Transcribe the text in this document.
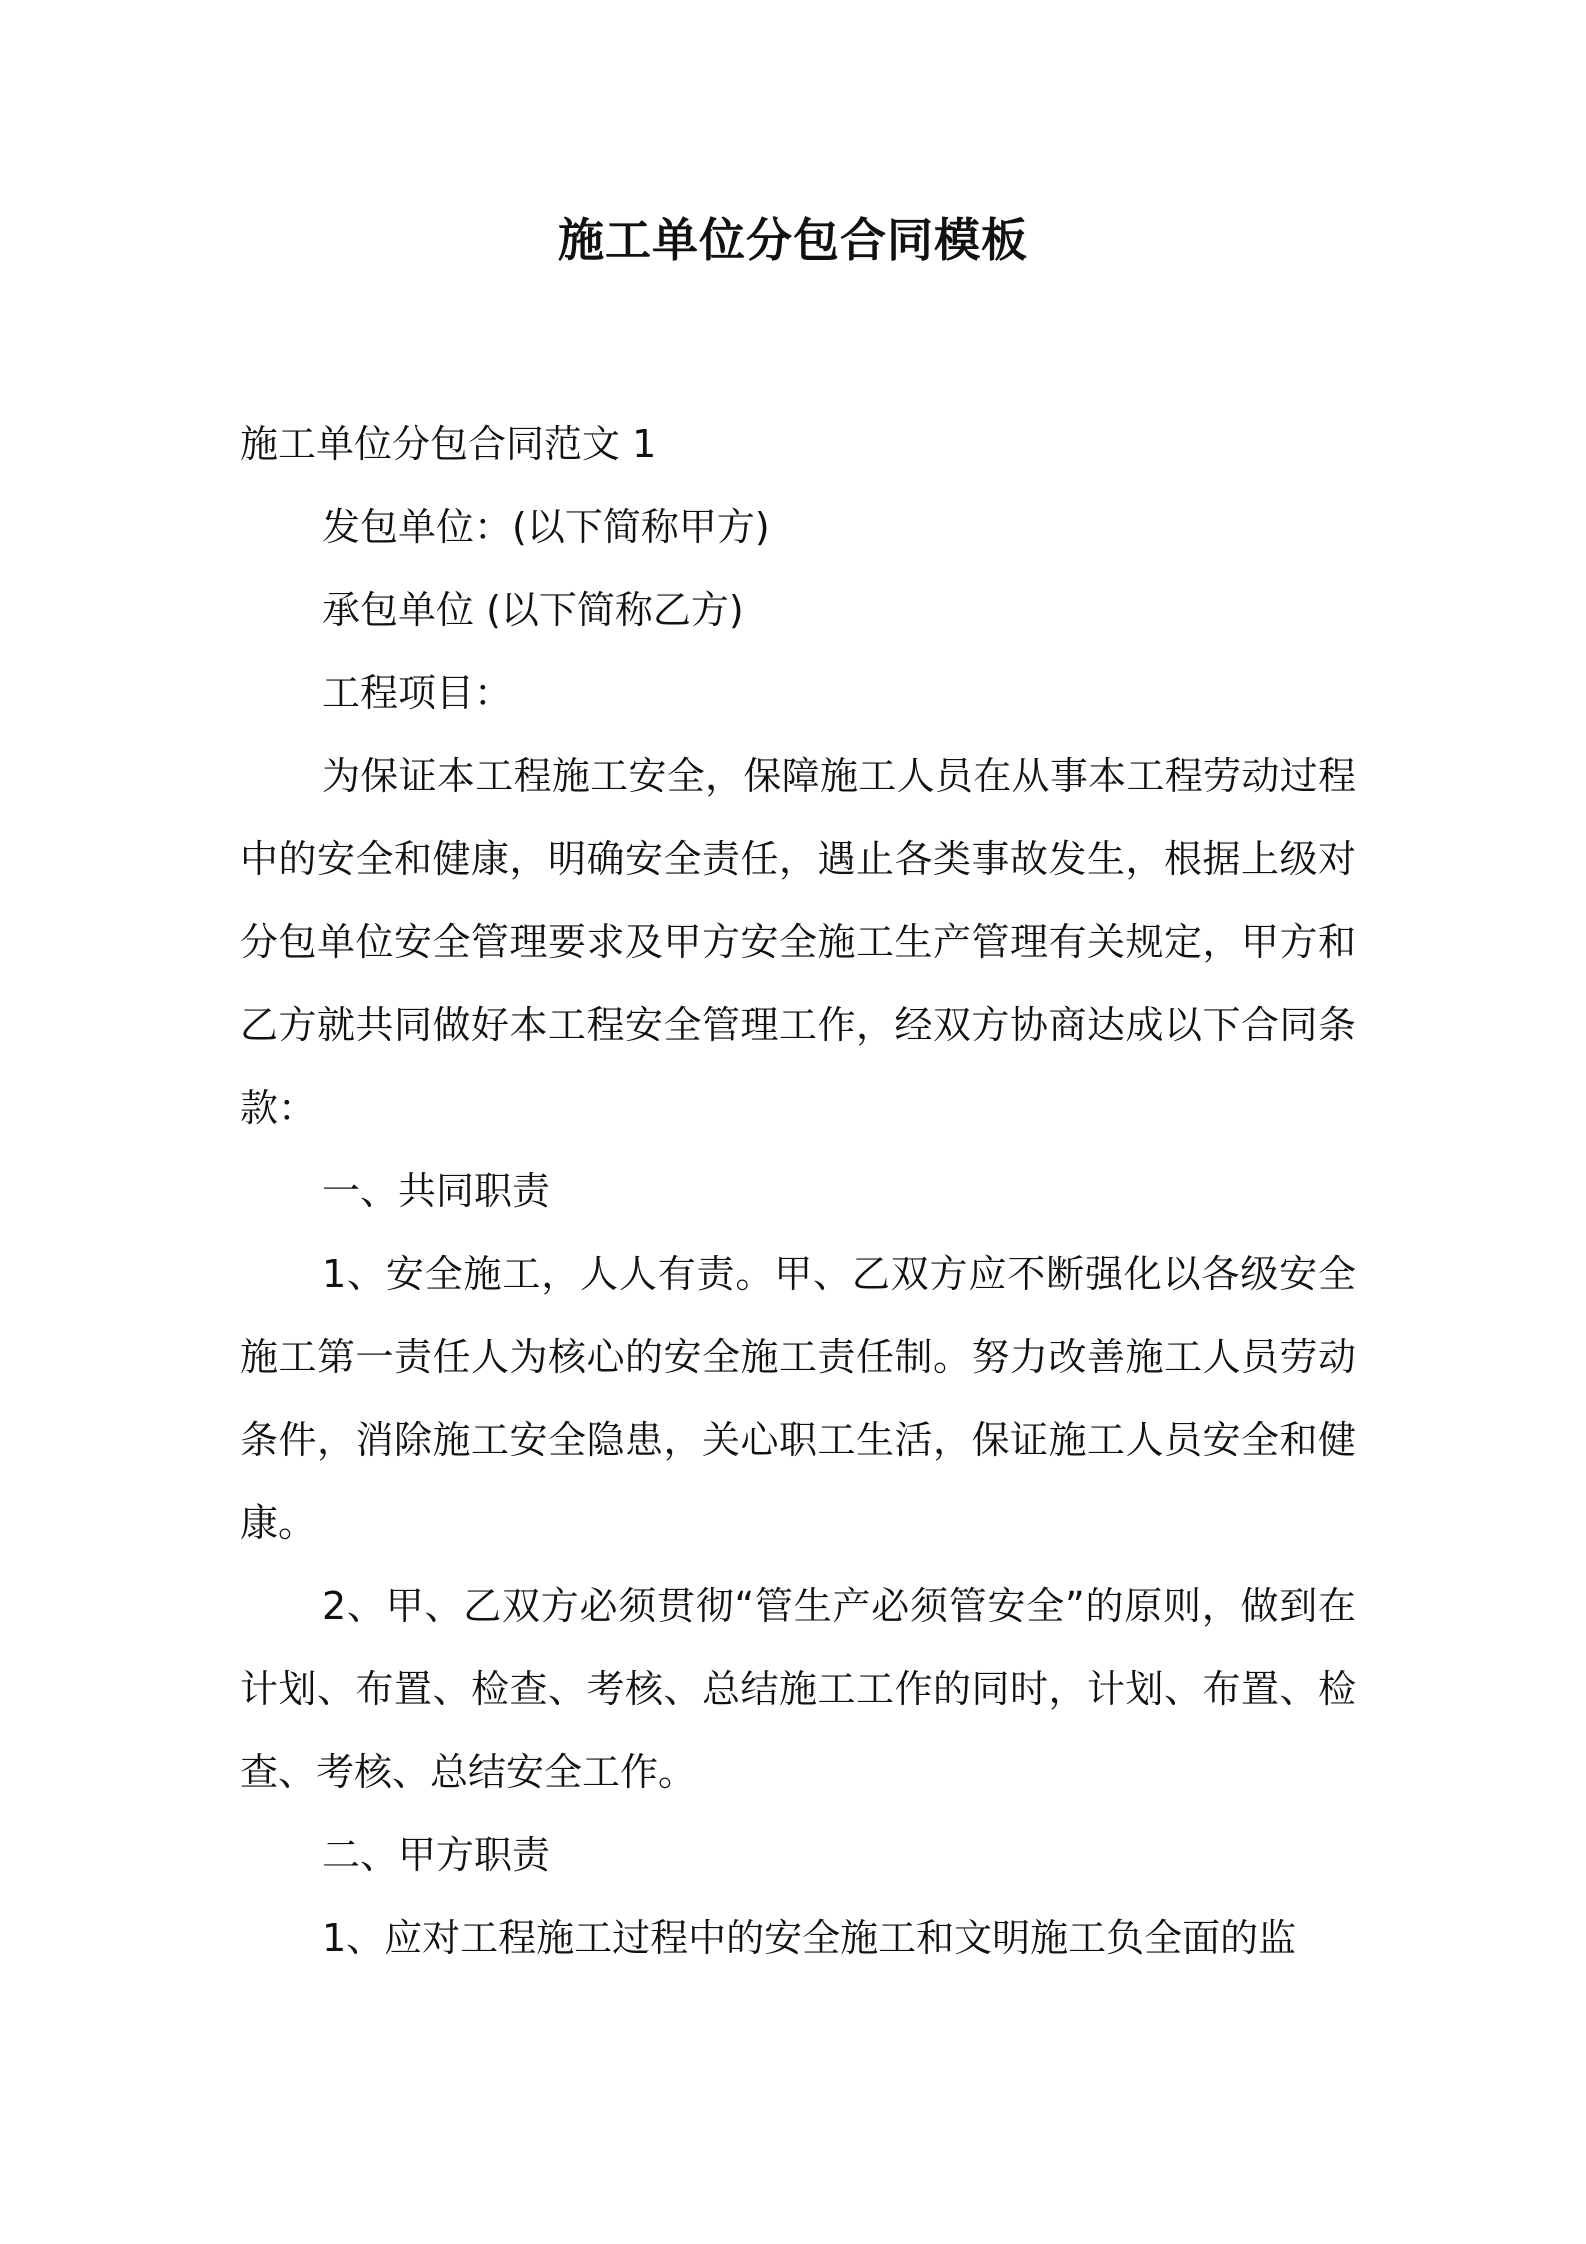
施工单位分包合同模板

施工单位分包合同范文 1

发包单位：(以下简称甲方)

承包单位 (以下简称乙方)

工程项目：

为保证本工程施工安全，保障施工人员在从事本工程劳动过程中的安全和健康，明确安全责任，遇止各类事故发生，根据上级对分包单位安全管理要求及甲方安全施工生产管理有关规定，甲方和乙方就共同做好本工程安全管理工作，经双方协商达成以下合同条款：

一、共同职责

1、安全施工，人人有责。甲、乙双方应不断强化以各级安全施工第一责任人为核心的安全施工责任制。努力改善施工人员劳动条件，消除施工安全隐患，关心职工生活，保证施工人员安全和健康。

2、甲、乙双方必须贯彻“管生产必须管安全”的原则，做到在计划、布置、检查、考核、总结施工工作的同时，计划、布置、检查、考核、总结安全工作。

二、甲方职责

1、应对工程施工过程中的安全施工和文明施工负全面的监
